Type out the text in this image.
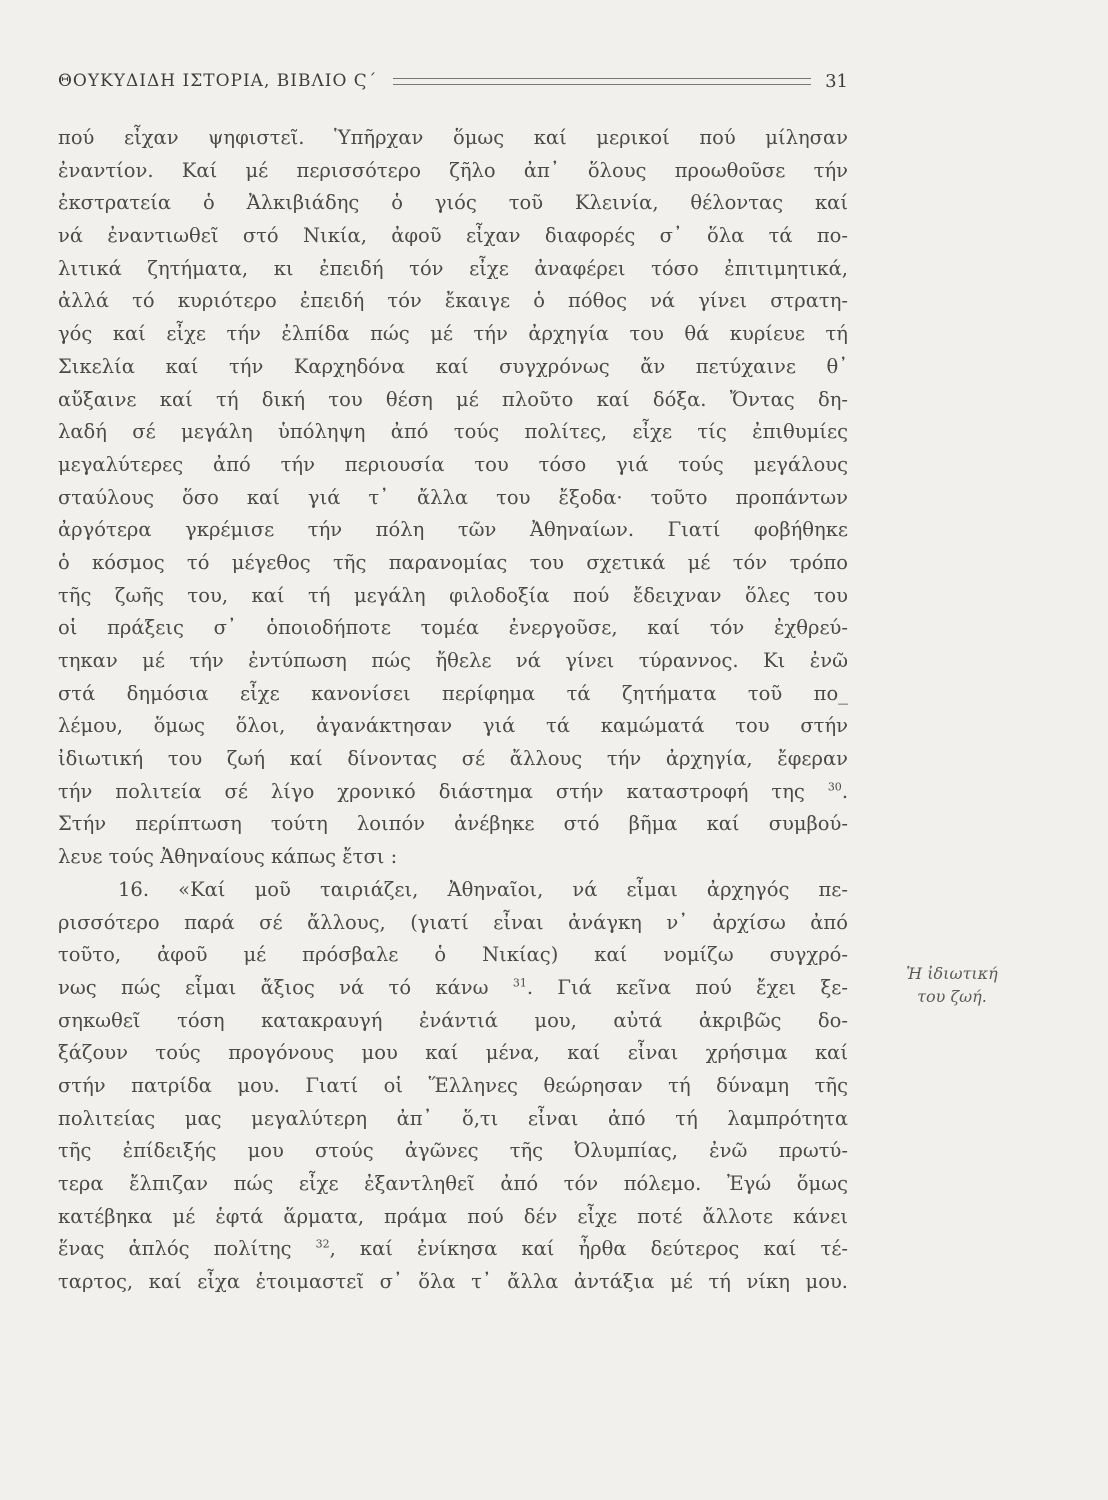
ΘΟΥΚΥΔΙΔΗ ΙΣΤΟΡΙΑ, ΒΙΒΛΙΟ Ϛ΄	31
πού εἶχαν ψηφιστεῖ. Ὑπῆρχαν ὅμως καί μερικοί πού μίλησαν
ἐναντίον. Καί μέ περισσότερο ζῆλο ἀπ᾿ ὅλους προωθοῦσε τήν
ἐκστρατεία ὁ Ἀλκιβιάδης ὁ γιός τοῦ Κλεινία, θέλοντας καί
νά ἐναντιωθεῖ στό Νικία, ἀφοῦ εἶχαν διαφορές σ᾿ ὅλα τά πο-
λιτικά ζητήματα, κι ἐπειδή τόν εἶχε ἀναφέρει τόσο ἐπιτιμητικά,
ἀλλά τό κυριότερο ἐπειδή τόν ἔκαιγε ὁ πόθος νά γίνει στρατη-
γός καί εἶχε τήν ἐλπίδα πώς μέ τήν ἀρχηγία του θά κυρίευε τή
Σικελία καί τήν Καρχηδόνα καί συγχρόνως ἄν πετύχαινε θ᾿
αὔξαινε καί τή δική του θέση μέ πλοῦτο καί δόξα. Ὄντας δη-
λαδή σέ μεγάλη ὑπόληψη ἀπό τούς πολίτες, εἶχε τίς ἐπιθυμίες
μεγαλύτερες ἀπό τήν περιουσία του τόσο γιά τούς μεγάλους
σταύλους ὅσο καί γιά τ᾿ ἄλλα του ἔξοδα· τοῦτο προπάντων
ἀργότερα γκρέμισε τήν πόλη τῶν Ἀθηναίων. Γιατί φοβήθηκε
ὁ κόσμος τό μέγεθος τῆς παρανομίας του σχετικά μέ τόν τρόπο
τῆς ζωῆς του, καί τή μεγάλη φιλοδοξία πού ἔδειχναν ὅλες του
οἱ πράξεις σ᾿ ὁποιοδήποτε τομέα ἐνεργοῦσε, καί τόν ἐχθρεύ-
τηκαν μέ τήν ἐντύπωση πώς ἤθελε νά γίνει τύραννος. Κι ἐνῶ
στά δημόσια εἶχε κανονίσει περίφημα τά ζητήματα τοῦ πο_
λέμου, ὅμως ὅλοι, ἀγανάκτησαν γιά τά καμώματά του στήν
ἰδιωτική του ζωή καί δίνοντας σέ ἄλλους τήν ἀρχηγία, ἔφεραν
τήν πολιτεία σέ λίγο χρονικό διάστημα στήν καταστροφή της $^{30}$.
Στήν περίπτωση τούτη λοιπόν ἀνέβηκε στό βῆμα καί συμβού-
λευε τούς Ἀθηναίους κάπως ἔτσι :
16. «Καί μοῦ ταιριάζει, Ἀθηναῖοι, νά εἶμαι ἀρχηγός πε-
ρισσότερο παρά σέ ἄλλους, (γιατί εἶναι ἀνάγκη ν᾿ ἀρχίσω ἀπό
τοῦτο, ἀφοῦ μέ πρόσβαλε ὁ Νικίας) καί νομίζω συγχρό-
νως πώς εἶμαι ἄξιος νά τό κάνω $^{31}$. Γιά κεῖνα πού ἔχει ξε-
σηκωθεῖ τόση κατακραυγή ἐνάντιά μου, αὐτά ἀκριβῶς δο-
ξάζουν τούς προγόνους μου καί μένα, καί εἶναι χρήσιμα καί
στήν πατρίδα μου. Γιατί οἱ Ἕλληνες θεώρησαν τή δύναμη τῆς
πολιτείας μας μεγαλύτερη ἀπ᾿ ὅ,τι εἶναι ἀπό τή λαμπρότητα
τῆς ἐπίδειξής μου στούς ἀγῶνες τῆς Ὀλυμπίας, ἐνῶ πρωτύ-
τερα ἔλπιζαν πώς εἶχε ἐξαντληθεῖ ἀπό τόν πόλεμο. Ἐγώ ὅμως
κατέβηκα μέ ἑφτά ἅρματα, πράμα πού δέν εἶχε ποτέ ἄλλοτε κάνει
ἕνας ἁπλός πολίτης $^{32}$, καί ἐνίκησα καί ἦρθα δεύτερος καί τέ-
ταρτος, καί εἶχα ἑτοιμαστεῖ σ᾿ ὅλα τ᾿ ἄλλα ἀντάξια μέ τή νίκη μου.
Ἡ ἰδιωτική
του ζωή.
